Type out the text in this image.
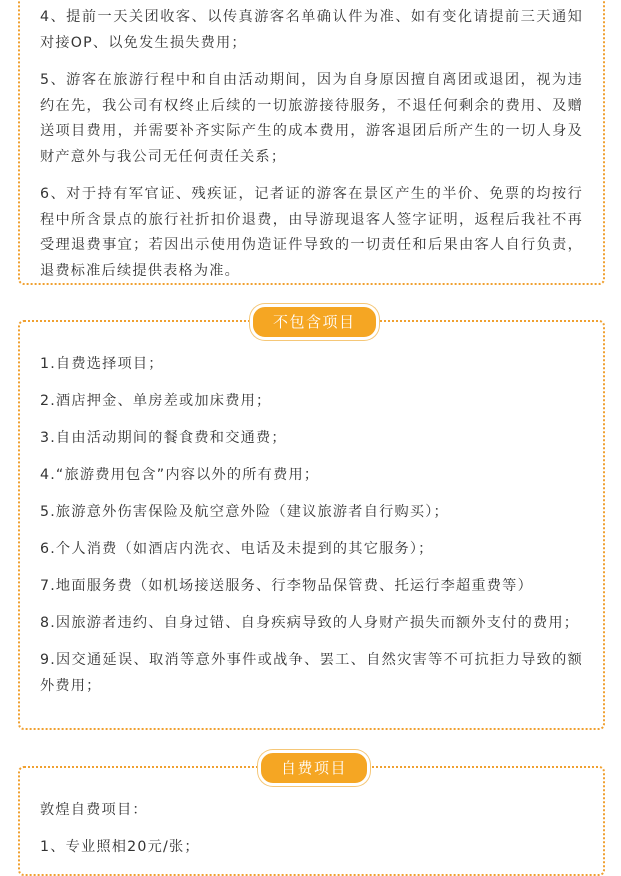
4、提前一天关团收客、以传真游客名单确认件为准、如有变化请提前三天通知对接OP、以免发生损失费用；

5、游客在旅游行程中和自由活动期间，因为自身原因擅自离团或退团，视为违约在先，我公司有权终止后续的一切旅游接待服务，不退任何剩余的费用、及赠送项目费用，并需要补齐实际产生的成本费用，游客退团后所产生的一切人身及财产意外与我公司无任何责任关系；

6、对于持有军官证、残疾证，记者证的游客在景区产生的半价、免票的均按行程中所含景点的旅行社折扣价退费，由导游现退客人签字证明，返程后我社不再受理退费事宜；若因出示使用伪造证件导致的一切责任和后果由客人自行负责，退费标准后续提供表格为准。

1.自费选择项目；

2.酒店押金、单房差或加床费用；

3.自由活动期间的餐食费和交通费；

4.“旅游费用包含”内容以外的所有费用；

5.旅游意外伤害保险及航空意外险（建议旅游者自行购买）；

6.个人消费（如酒店内洗衣、电话及未提到的其它服务）；

7.地面服务费（如机场接送服务、行李物品保管费、托运行李超重费等）

8.因旅游者违约、自身过错、自身疾病导致的人身财产损失而额外支付的费用；

9.因交通延误、取消等意外事件或战争、罢工、自然灾害等不可抗拒力导致的额外费用；

不包含项目

敦煌自费项目：

1、专业照相20元/张；

自费项目
